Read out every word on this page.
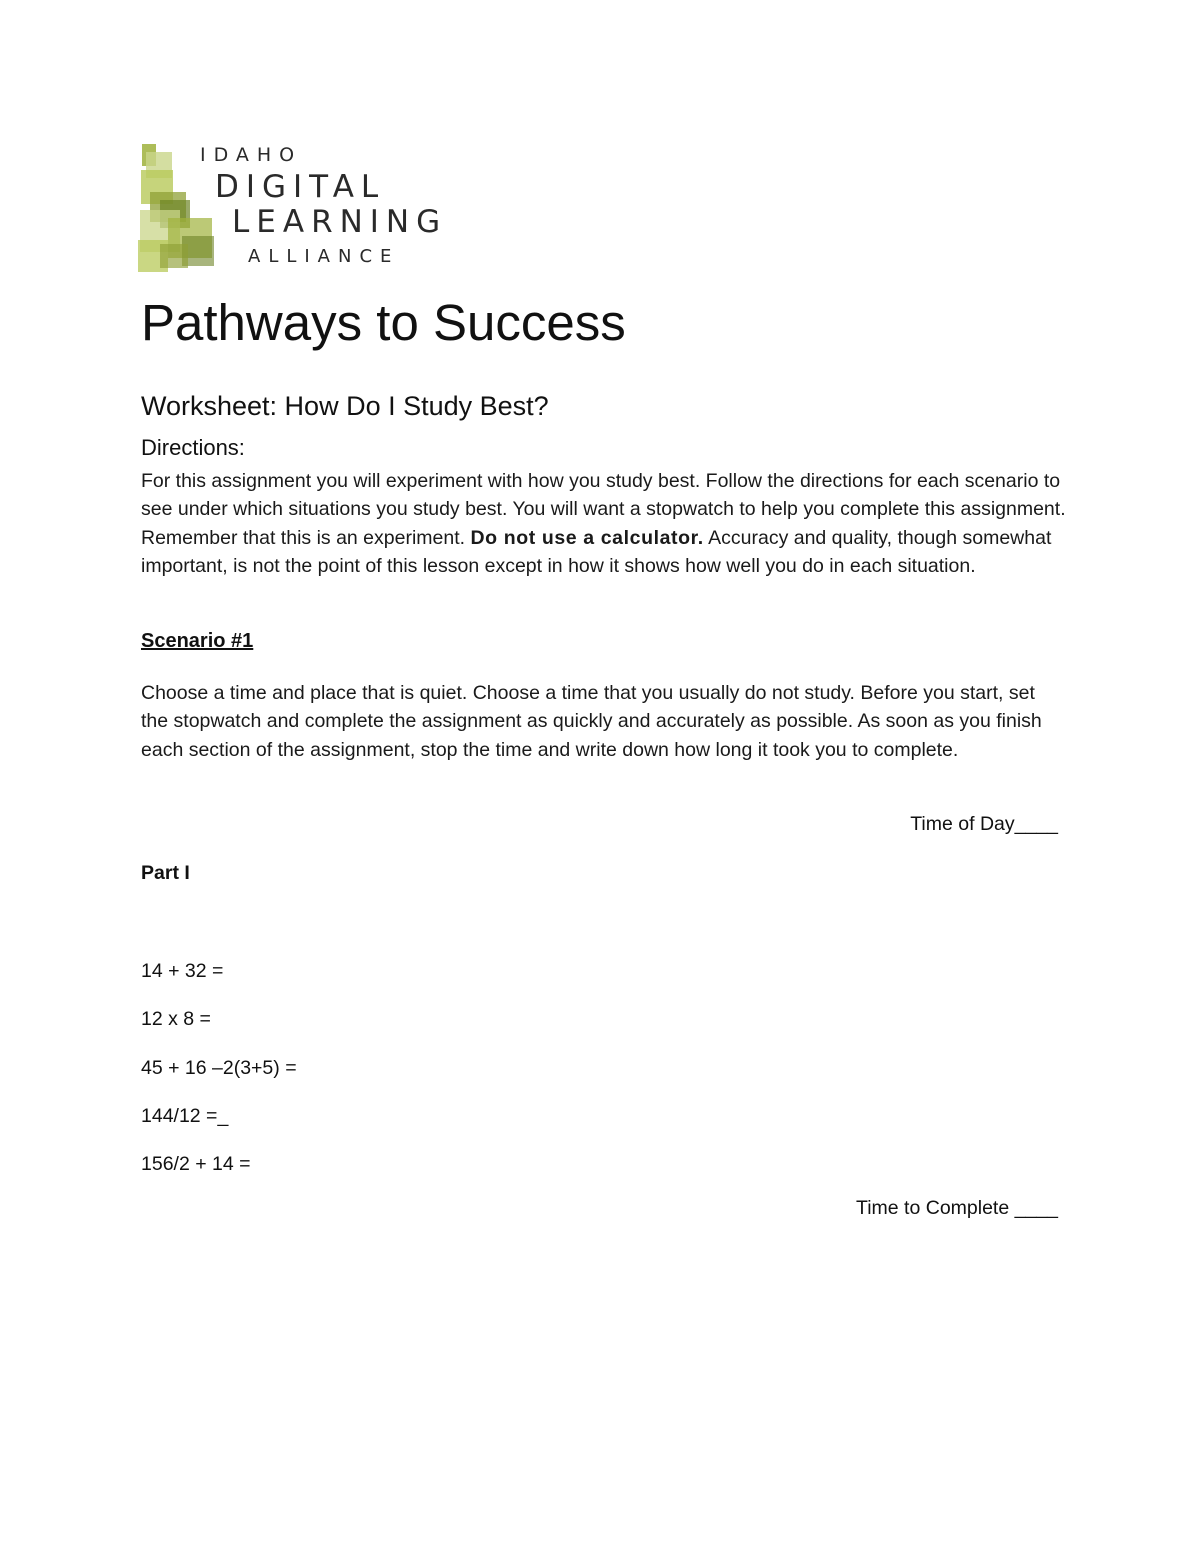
IDAHO
DIGITAL
LEARNING
ALLIANCE
Pathways to Success
Worksheet: How Do I Study Best?
Directions:

For this assignment you will experiment with how you study best. Follow the directions for each scenario to see under which situations you study best. You will want a stopwatch to help you complete this assignment. Remember that this is an experiment. Do not use a calculator. Accuracy and quality, though somewhat important, is not the point of this lesson except in how it shows how well you do in each situation.

Scenario #1

Choose a time and place that is quiet. Choose a time that you usually do not study. Before you start, set the stopwatch and complete the assignment as quickly and accurately as possible. As soon as you finish each section of the assignment, stop the time and write down how long it took you to complete.

Time of Day____
Part I
14 + 32 =
12 x 8 =
45 + 16 –2(3+5) =
144/12 =_
156/2 + 14 =
Time to Complete ____
